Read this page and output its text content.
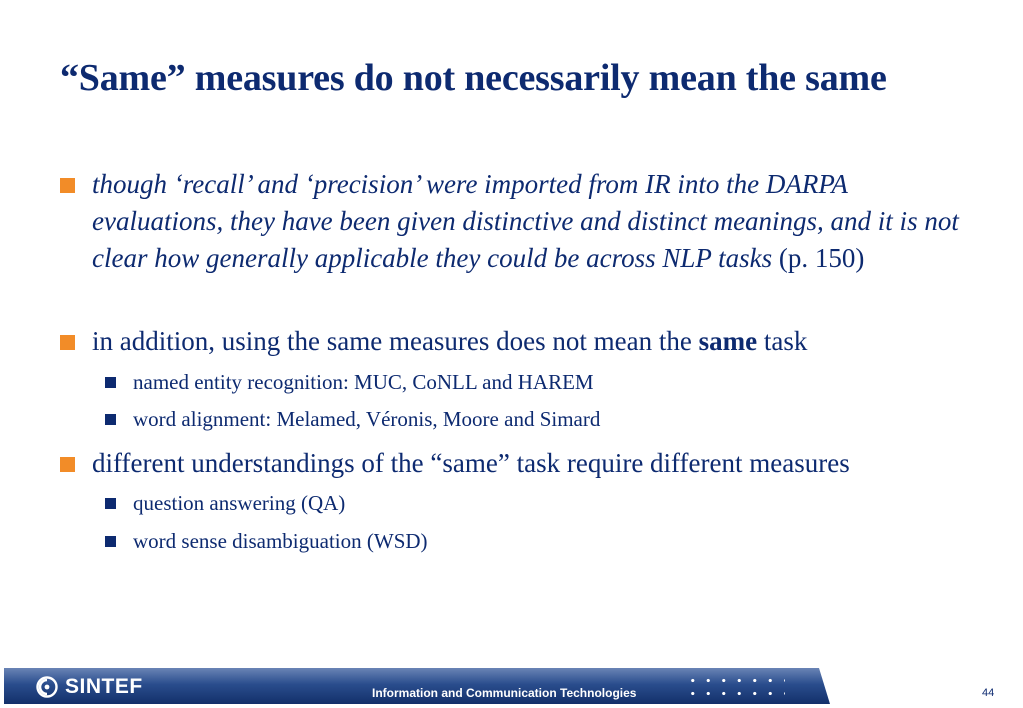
“Same” measures do not necessarily mean the same
though ‘recall’ and ‘precision’ were imported from IR into the DARPA evaluations, they have been given distinctive and distinct meanings, and it is not clear how generally applicable they could be across NLP tasks (p. 150)
in addition, using the same measures does not mean the same task
named entity recognition: MUC, CoNLL and HAREM
word alignment: Melamed, Véronis, Moore and Simard
different understandings of the “same” task require different measures
question answering (QA)
word sense disambiguation (WSD)
SINTEF	Information and Communication Technologies	44
